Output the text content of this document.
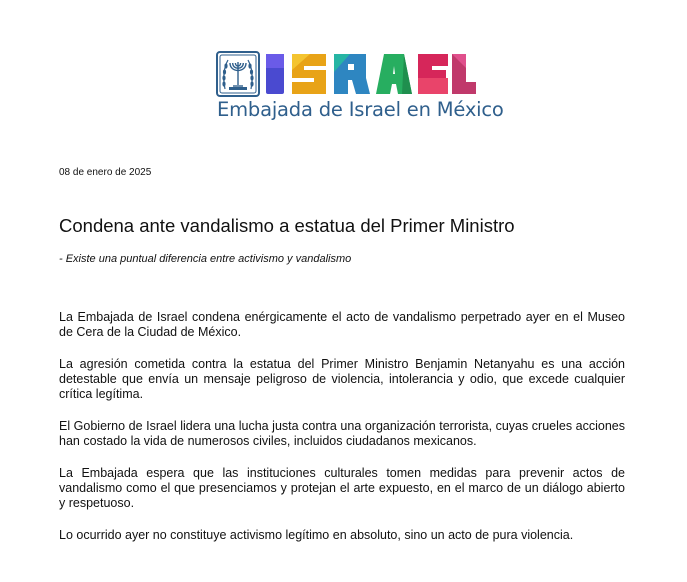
Embajada de Israel en México
08 de enero de 2025
Condena ante vandalismo a estatua del Primer Ministro
- Existe una puntual diferencia entre activismo y vandalismo

La Embajada de Israel condena enérgicamente el acto de vandalismo perpetrado ayer en el Museo de Cera de la Ciudad de México.

La agresión cometida contra la estatua del Primer Ministro Benjamin Netanyahu es una acción detestable que envía un mensaje peligroso de violencia, intolerancia y odio, que excede cualquier crítica legítima.

El Gobierno de Israel lidera una lucha justa contra una organización terrorista, cuyas crueles acciones han costado la vida de numerosos civiles, incluidos ciudadanos mexicanos.

La Embajada espera que las instituciones culturales tomen medidas para prevenir actos de vandalismo como el que presenciamos y protejan el arte expuesto, en el marco de un diálogo abierto y respetuoso.

Lo ocurrido ayer no constituye activismo legítimo en absoluto, sino un acto de pura violencia.
